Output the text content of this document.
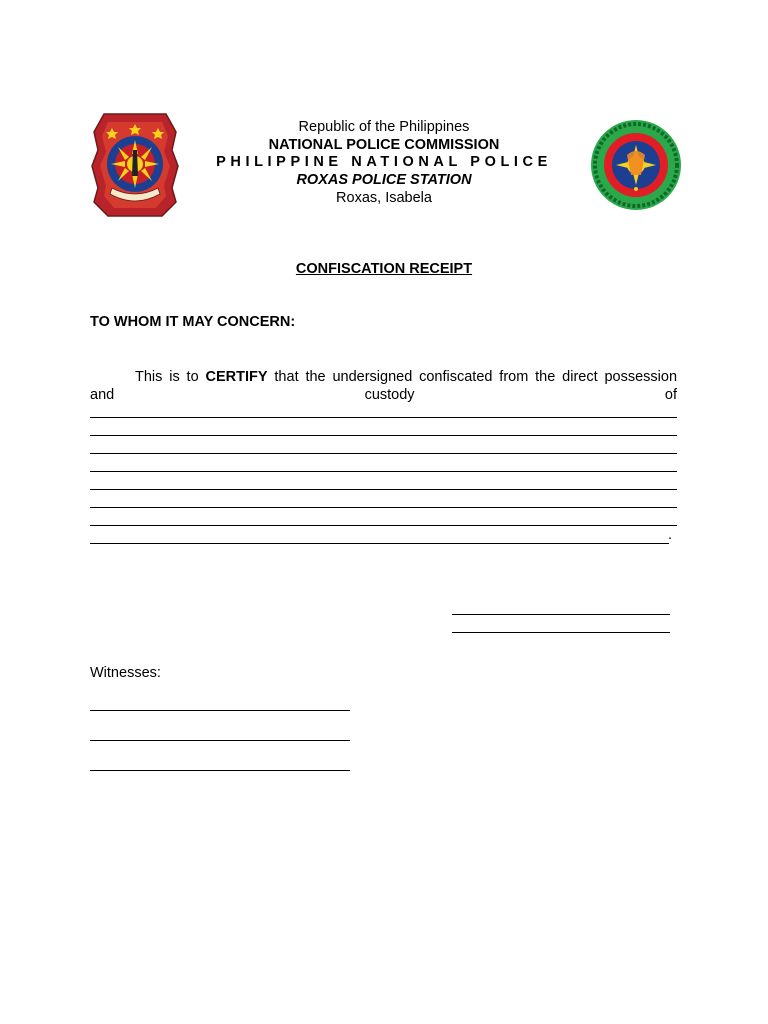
Republic of the Philippines
NATIONAL POLICE COMMISSION
PHILIPPINE NATIONAL POLICE
ROXAS POLICE STATION
Roxas, Isabela
CONFISCATION RECEIPT
TO WHOM IT MAY CONCERN:
This is to CERTIFY that the undersigned confiscated from the direct possession
and	custody	of
.
Witnesses:
